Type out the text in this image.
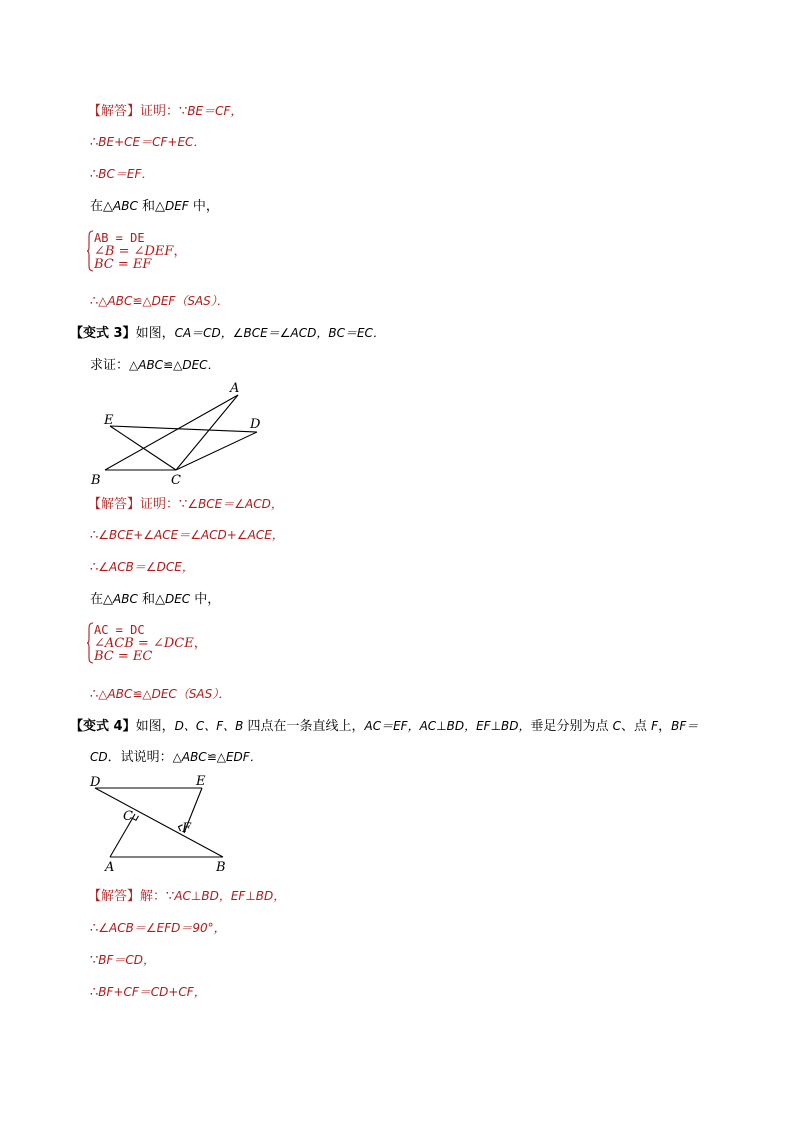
【解答】证明：∵BE＝CF，
∴BE+CE＝CF+EC．
∴BC＝EF．
在△ABC 和△DEF 中，
AB = DE
∠B = ∠DEF，
BC = EF
∴△ABC≌△DEF（SAS）．
【变式 3】如图，CA＝CD，∠BCE＝∠ACD，BC＝EC．
求证：△ABC≌△DEC．
A
B	C
D
E
【解答】证明：∵∠BCE＝∠ACD，
∴∠BCE+∠ACE＝∠ACD+∠ACE，
∴∠ACB＝∠DCE，
在△ABC 和△DEC 中，
AC = DC
∠ACB = ∠DCE，
BC = EC
∴△ABC≌△DEC（SAS）．
【变式 4】如图，D、C、F、B 四点在一条直线上，AC＝EF，AC⊥BD，EF⊥BD，垂足分别为点 C、点 F，BF＝
CD．试说明：△ABC≌△EDF．
D	E
C
F
A	B
【解答】解：∵AC⊥BD，EF⊥BD，
∴∠ACB＝∠EFD＝90°，
∵BF＝CD，
∴BF+CF＝CD+CF，
